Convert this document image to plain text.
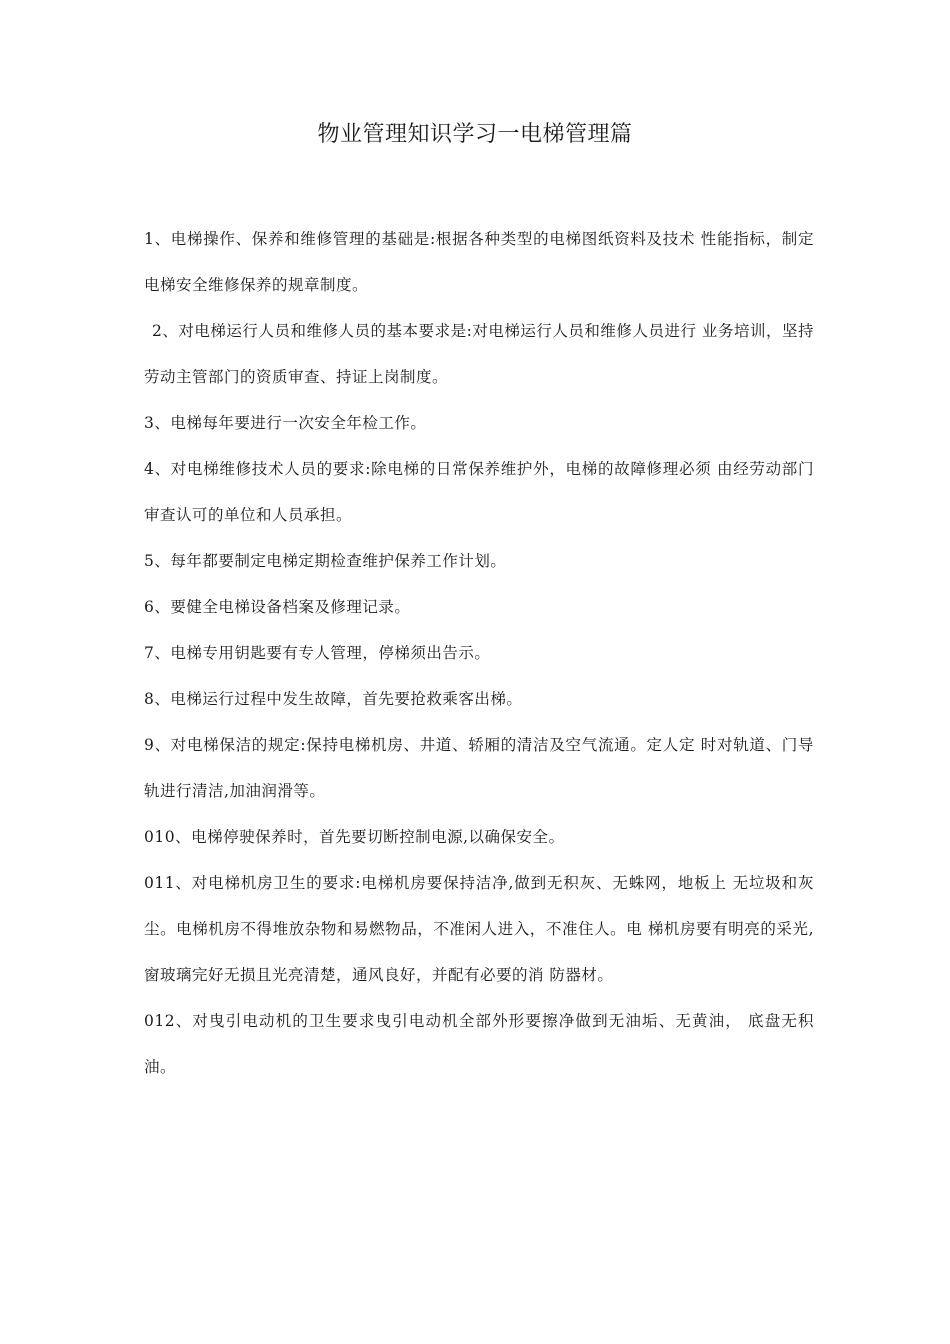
物业管理知识学习一电梯管理篇

1、电梯操作、保养和维修管理的基础是:根据各种类型的电梯图纸资料及技术 性能指标，制定电梯安全维修保养的规章制度。

2、对电梯运行人员和维修人员的基本要求是:对电梯运行人员和维修人员进行 业务培训，坚持劳动主管部门的资质审查、持证上岗制度。

3、电梯每年要进行一次安全年检工作。

4、对电梯维修技术人员的要求:除电梯的日常保养维护外，电梯的故障修理必须 由经劳动部门审查认可的单位和人员承担。

5、每年都要制定电梯定期检查维护保养工作计划。

6、要健全电梯设备档案及修理记录。

7、电梯专用钥匙要有专人管理，停梯须出告示。

8、电梯运行过程中发生故障，首先要抢救乘客出梯。

9、对电梯保洁的规定:保持电梯机房、井道、轿厢的清洁及空气流通。定人定 时对轨道、门导轨进行清洁,加油润滑等。

010、电梯停驶保养时，首先要切断控制电源,以确保安全。

011、对电梯机房卫生的要求:电梯机房要保持洁净,做到无积灰、无蛛网，地板上 无垃圾和灰尘。电梯机房不得堆放杂物和易燃物品，不准闲人进入，不准住人。电 梯机房要有明亮的采光,窗玻璃完好无损且光亮清楚，通风良好，并配有必要的消 防器材。

012、对曳引电动机的卫生要求曳引电动机全部外形要擦净做到无油垢、无黄油， 底盘无积油。
